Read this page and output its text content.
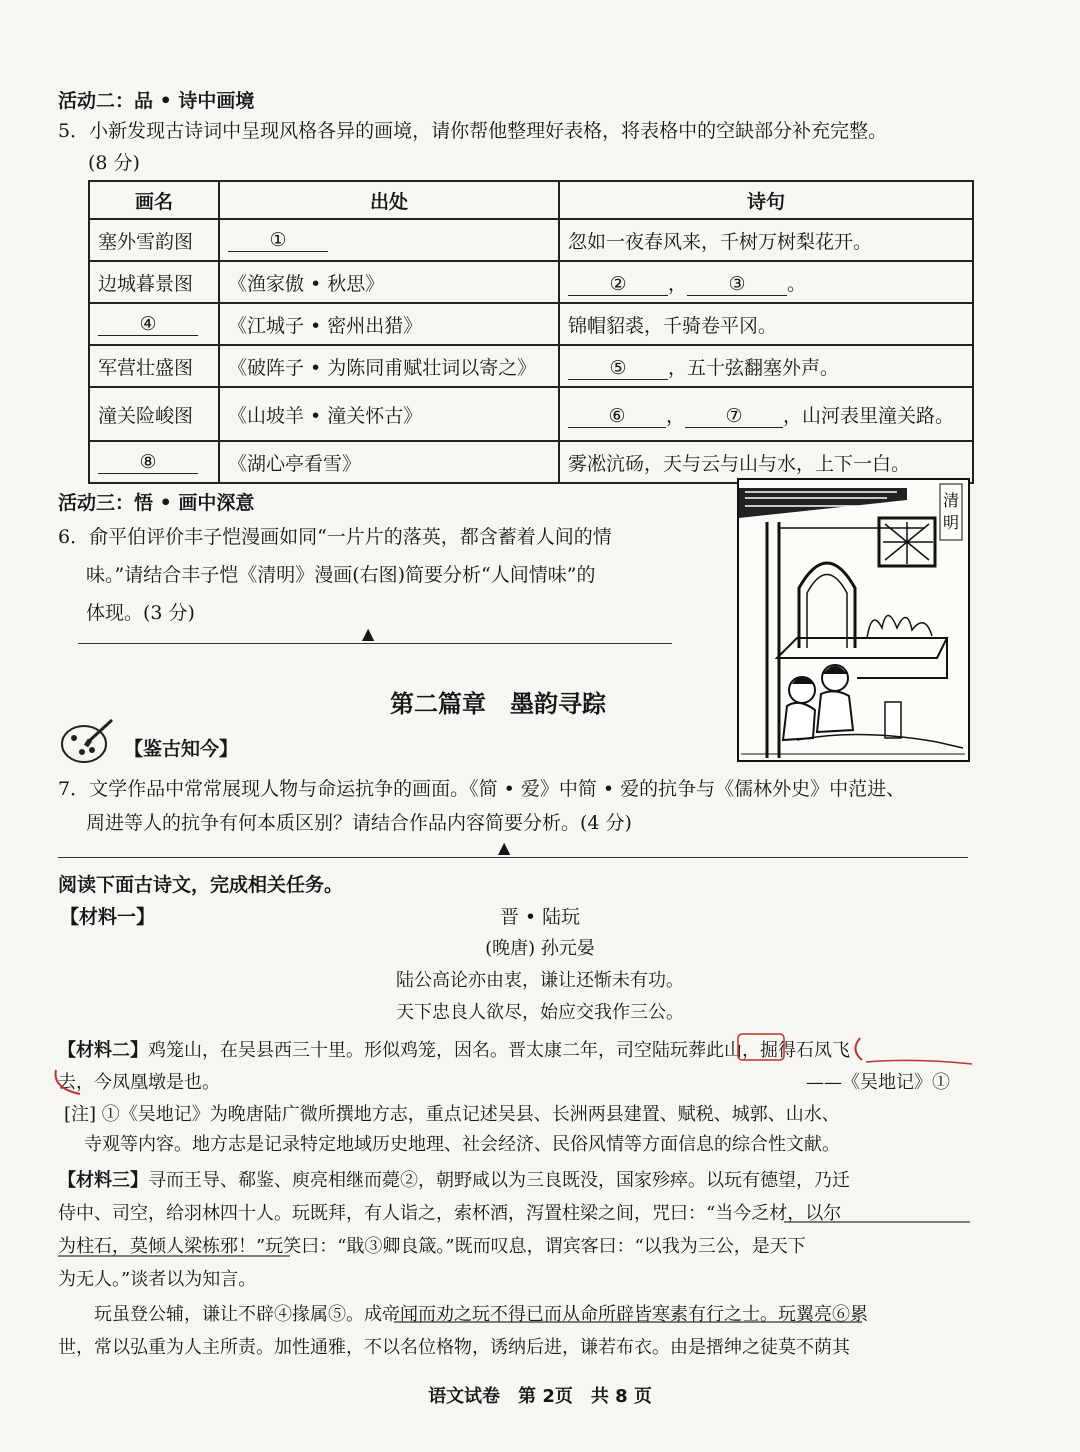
活动二：品 • 诗中画境
5．小新发现古诗词中呈现风格各异的画境，请你帮他整理好表格，将表格中的空缺部分补充完整。
(8 分)
画名	出处	诗句
塞外雪韵图	①	忽如一夜春风来，千树万树梨花开。
边城暮景图	《渔家傲 • 秋思》	② ， ③ 。
④	《江城子 • 密州出猎》	锦帽貂裘，千骑卷平冈。
军营壮盛图	《破阵子 • 为陈同甫赋壮词以寄之》	⑤ ，五十弦翻塞外声。
潼关险峻图	《山坡羊 • 潼关怀古》	⑥ ， ⑦ ，山河表里潼关路。
⑧	《湖心亭看雪》	雾凇沆砀，天与云与山与水，上下一白。
活动三：悟 • 画中深意
6．俞平伯评价丰子恺漫画如同“一片片的落英，都含蓄着人间的情
味。”请结合丰子恺《清明》漫画(右图)简要分析“人间情味”的
体现。(3 分)
▲
清
明
第二篇章　墨韵寻踪
【鉴古知今】
7．文学作品中常常展现人物与命运抗争的画面。《简 • 爱》中简 • 爱的抗争与《儒林外史》中范进、
周进等人的抗争有何本质区别？请结合作品内容简要分析。(4 分)
▲
阅读下面古诗文，完成相关任务。
【材料一】	晋 • 陆玩
(晚唐) 孙元晏
陆公高论亦由衷，谦让还惭未有功。
天下忠良人欲尽，始应交我作三公。
【材料二】鸡笼山，在吴县西三十里。形似鸡笼，因名。晋太康二年，司空陆玩葬此山，掘得石凤飞
去，今凤凰墩是也。	——《吴地记》①
[注] ①《吴地记》为晚唐陆广微所撰地方志，重点记述吴县、长洲两县建置、赋税、城郭、山水、
寺观等内容。地方志是记录特定地域历史地理、社会经济、民俗风情等方面信息的综合性文献。
【材料三】寻而王导、郗鉴、庾亮相继而薨②，朝野咸以为三良既没，国家殄瘁。以玩有德望，乃迁
侍中、司空，给羽林四十人。玩既拜，有人诣之，索杯酒，泻置柱梁之间，咒曰：“当今乏材，以尔
为柱石，莫倾人梁栋邪！”玩笑曰：“戢③卿良箴。”既而叹息，谓宾客曰：“以我为三公，是天下
为无人。”谈者以为知言。
玩虽登公辅，谦让不辟④掾属⑤。成帝闻而劝之玩不得已而从命所辟皆寒素有行之士。玩翼亮⑥累
世，常以弘重为人主所责。加性通雅，不以名位格物，诱纳后进，谦若布衣。由是搢绅之徒莫不荫其
语文试卷　第 2页　共 8 页
